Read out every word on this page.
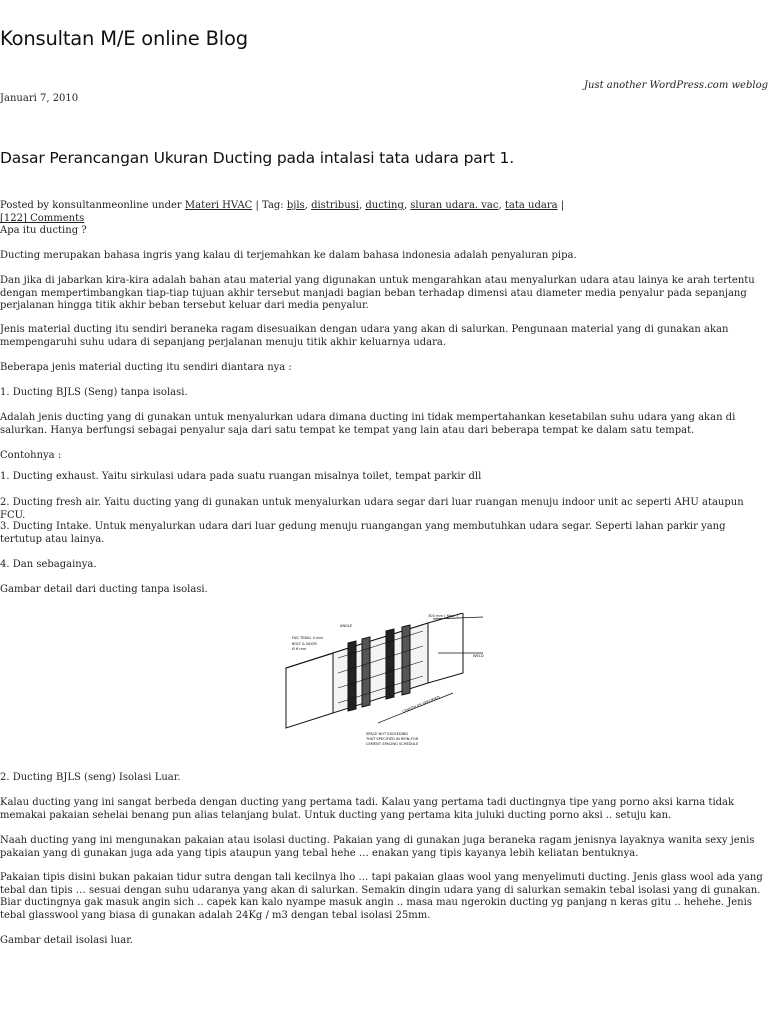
Konsultan M/E online Blog
Just another WordPress.com weblog
Januari 7, 2010
Dasar Perancangan Ukuran Ducting pada intalasi tata udara part 1.
Posted by konsultanmeonline under Materi HVAC | Tag: bjls, distribusi, ducting, sluran udara. vac, tata udara |
[122] Comments

Apa itu ducting ?

Ducting merupakan bahasa ingris yang kalau di terjemahkan ke dalam bahasa indonesia adalah penyaluran pipa.

Dan jika di jabarkan kira-kira adalah bahan atau material yang digunakan untuk mengarahkan atau menyalurkan udara atau lainya ke arah tertentu dengan mempertimbangkan tiap-tiap tujuan akhir tersebut manjadi bagian beban terhadap dimensi atau diameter media penyalur pada sepanjang perjalanan hingga titik akhir beban tersebut keluar dari media penyalur.

Jenis material ducting itu sendiri beraneka ragam disesuaikan dengan udara yang akan di salurkan. Pengunaan material yang di gunakan akan mempengaruhi suhu udara di sepanjang perjalanan menuju titik akhir keluarnya udara.

Beberapa jenis material ducting itu sendiri diantara nya :

1. Ducting BJLS (Seng) tanpa isolasi.

Adalah jenis ducting yang di gunakan untuk menyalurkan udara dimana ducting ini tidak mempertahankan kesetabilan suhu udara yang akan di salurkan. Hanya berfungsi sebagai penyalur saja dari satu tempat ke tempat yang lain atau dari beberapa tempat ke dalam satu tempat.

Contohnya :

1. Ducting exhaust. Yaitu sirkulasi udara pada suatu ruangan misalnya toilet, tempat parkir dll

2. Ducting fresh air. Yaitu ducting yang di gunakan untuk menyalurkan udara segar dari luar ruangan menuju indoor unit ac seperti AHU ataupun FCU.

3. Ducting Intake. Untuk menyalurkan udara dari luar gedung menuju ruangangan yang membutuhkan udara segar. Seperti lahan parkir yang tertutup atau lainya.

4. Dan sebagainya.

Gambar detail dari ducting tanpa isolasi.

2. Ducting BJLS (seng) Isolasi Luar.

Kalau ducting yang ini sangat berbeda dengan ducting yang pertama tadi. Kalau yang pertama tadi ductingnya tipe yang porno aksi karna tidak memakai pakaian sehelai benang pun alias telanjang bulat. Untuk ducting yang pertama kita juluki ducting porno aksi .. setuju kan.

Naah ducting yang ini mengunakan pakaian atau isolasi ducting. Pakaian yang di gunakan juga beraneka ragam jenisnya layaknya wanita sexy jenis pakaian yang di gunakan juga ada yang tipis ataupun yang tebal hehe … enakan yang tipis kayanya lebih keliatan bentuknya.

Pakaian tipis disini bukan pakaian tidur sutra dengan tali kecilnya lho … tapi pakaian glaas wool yang menyelimuti ducting. Jenis glass wool ada yang tebal dan tipis … sesuai dengan suhu udaranya yang akan di salurkan. Semakin dingin udara yang di salurkan semakin tebal isolasi yang di gunakan. Biar ductingnya gak masuk angin sich .. capek kan kalo nyampe masuk angin .. masa mau ngerokin ducting yg panjang n keras gitu .. hehehe. Jenis tebal glasswool yang biasa di gunakan adalah 24Kg / m3 dengan tebal isolasi 25mm.

Gambar detail isolasi luar.

300 mm ( Max. )
FAG TEBAL 4 mm
BOLT & NOOR
Ø 6 mm
ANGLE
WELD
LENGTH AS SPECIFIED
SPACE NOT EXCEEDING
THAT SPECIFIED IN REIN-FOR
CEMENT SPACING SCHEDULE
